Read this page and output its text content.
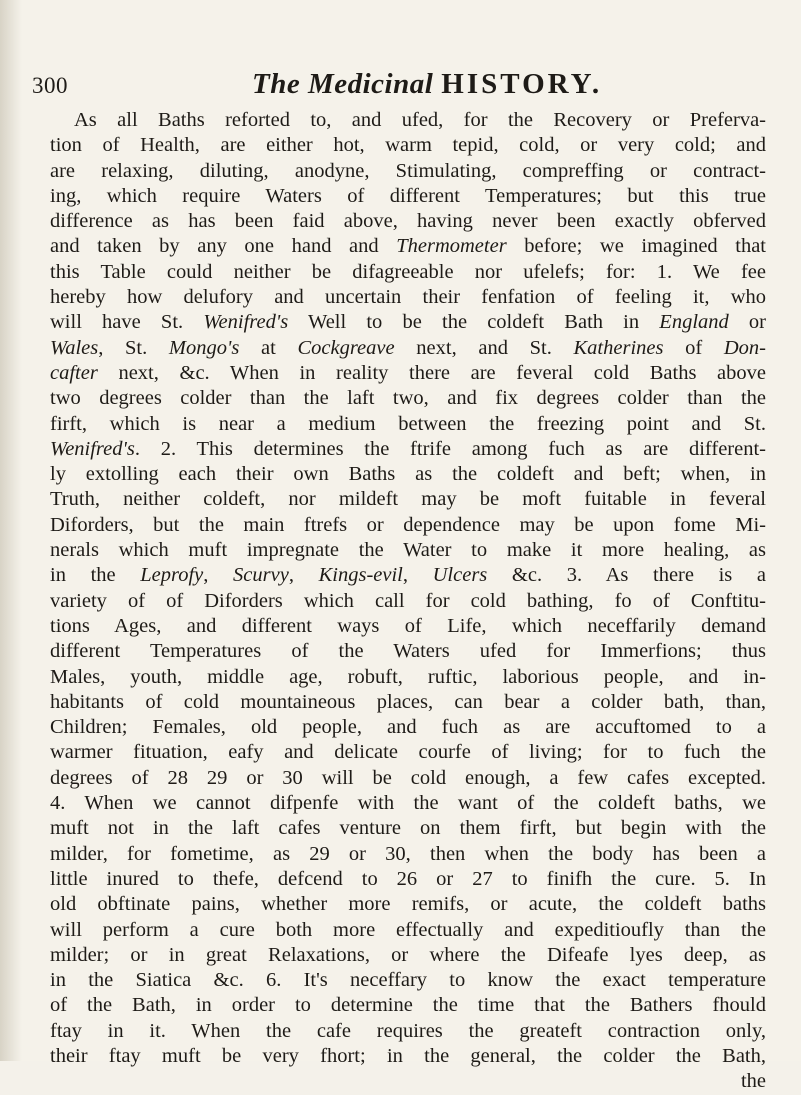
300	The Medicinal HISTORY.
As all Baths reforted to, and ufed, for the Recovery or Preferva-
tion of Health, are either hot, warm tepid, cold, or very cold; and
are relaxing, diluting, anodyne, Stimulating, compreffing or contract-
ing, which require Waters of different Temperatures; but this true
difference as has been faid above, having never been exactly obferved
and taken by any one hand and Thermometer before; we imagined that
this Table could neither be difagreeable nor ufelefs; for: 1. We fee
hereby how delufory and uncertain their fenfation of feeling it, who
will have St. Wenifred's Well to be the coldeft Bath in England or
Wales, St. Mongo's at Cockgreave next, and St. Katherines of Don-
cafter next, &c. When in reality there are feveral cold Baths above
two degrees colder than the laft two, and fix degrees colder than the
firft, which is near a medium between the freezing point and St.
Wenifred's. 2. This determines the ftrife among fuch as are different-
ly extolling each their own Baths as the coldeft and beft; when, in
Truth, neither coldeft, nor mildeft may be moft fuitable in feveral
Diforders, but the main ftrefs or dependence may be upon fome Mi-
nerals which muft impregnate the Water to make it more healing, as
in the Leprofy, Scurvy, Kings-evil, Ulcers &c. 3. As there is a
variety of of Diforders which call for cold bathing, fo of Conftitu-
tions Ages, and different ways of Life, which neceffarily demand
different Temperatures of the Waters ufed for Immerfions; thus
Males, youth, middle age, robuft, ruftic, laborious people, and in-
habitants of cold mountaineous places, can bear a colder bath, than,
Children; Females, old people, and fuch as are accuftomed to a
warmer fituation, eafy and delicate courfe of living; for to fuch the
degrees of 28 29 or 30 will be cold enough, a few cafes excepted.
4. When we cannot difpenfe with the want of the coldeft baths, we
muft not in the laft cafes venture on them firft, but begin with the
milder, for fometime, as 29 or 30, then when the body has been a
little inured to thefe, defcend to 26 or 27 to finifh the cure. 5. In
old obftinate pains, whether more remifs, or acute, the coldeft baths
will perform a cure both more effectually and expeditioufly than the
milder; or in great Relaxations, or where the Difeafe lyes deep, as
in the Siatica &c. 6. It's neceffary to know the exact temperature
of the Bath, in order to determine the time that the Bathers fhould
ftay in it. When the cafe requires the greateft contraction only,
their ftay muft be very fhort; in the general, the colder the Bath,
the
